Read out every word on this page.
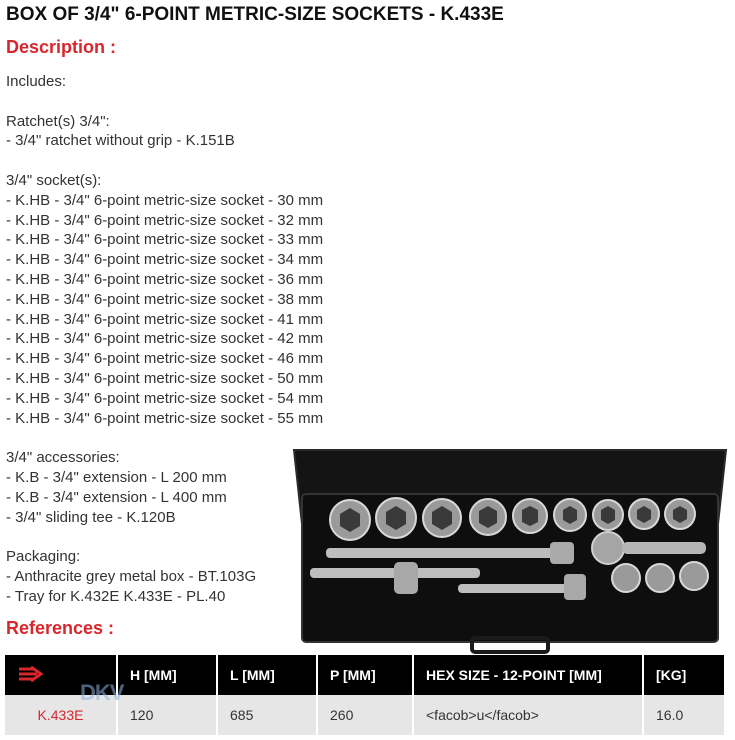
BOX OF 3/4" 6-POINT METRIC-SIZE SOCKETS - K.433E
Description :
Includes:
Ratchet(s) 3/4":
- 3/4" ratchet without grip - K.151B
3/4" socket(s):
- K.HB - 3/4" 6-point metric-size socket - 30 mm
- K.HB - 3/4" 6-point metric-size socket - 32 mm
- K.HB - 3/4" 6-point metric-size socket - 33 mm
- K.HB - 3/4" 6-point metric-size socket - 34 mm
- K.HB - 3/4" 6-point metric-size socket - 36 mm
- K.HB - 3/4" 6-point metric-size socket - 38 mm
- K.HB - 3/4" 6-point metric-size socket - 41 mm
- K.HB - 3/4" 6-point metric-size socket - 42 mm
- K.HB - 3/4" 6-point metric-size socket - 46 mm
- K.HB - 3/4" 6-point metric-size socket - 50 mm
- K.HB - 3/4" 6-point metric-size socket - 54 mm
- K.HB - 3/4" 6-point metric-size socket - 55 mm
3/4" accessories:
- K.B - 3/4" extension - L 200 mm
- K.B - 3/4" extension - L 400 mm
- 3/4" sliding tee - K.120B
Packaging:
- Anthracite grey metal box - BT.103G
- Tray for K.432E K.433E - PL.40
References :
	H [MM]	L [MM]	P [MM]	HEX SIZE - 12-POINT [MM]	[KG]
K.433E	120	685	260	<facob>u</facob>	16.0
DKV
